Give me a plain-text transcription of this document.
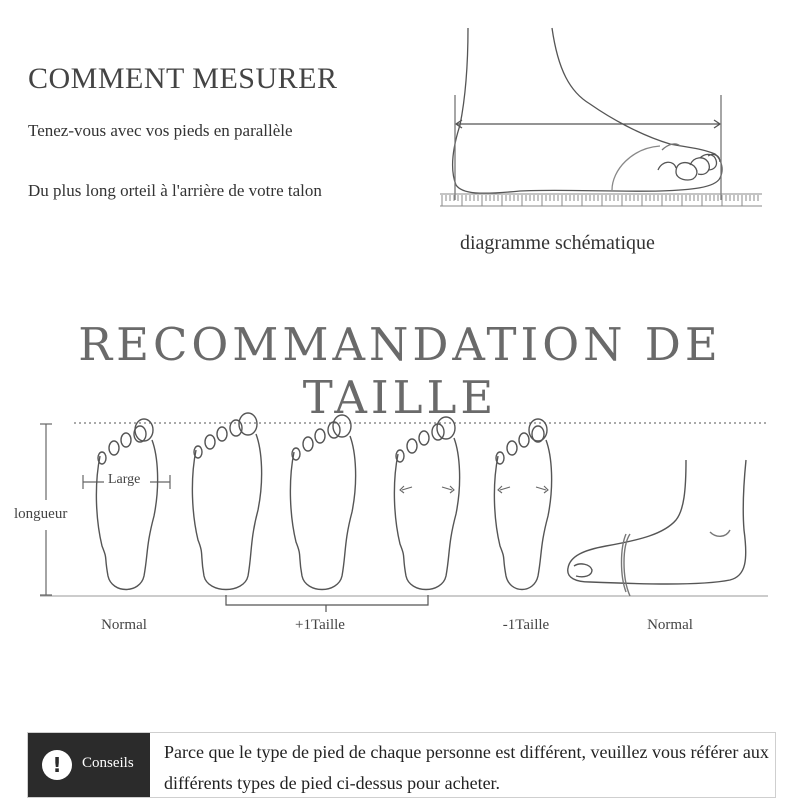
COMMENT MESURER
Tenez-vous avec vos pieds en parallèle
Du plus long orteil à l'arrière de votre talon
diagramme schématique
RECOMMANDATION DE TAILLE
longueur
Large
Normal	+1Taille	-1Taille	Normal
!	Conseils
Parce que le type de pied de chaque personne est différent, veuillez vous référer aux différents types de pied ci-dessus pour acheter.
